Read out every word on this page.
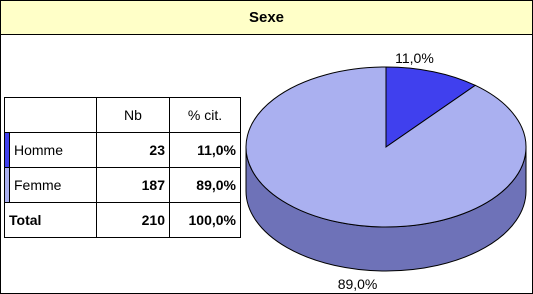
Sexe
		Nb	% cit.
	Homme	23	11,0%
	Femme	187	89,0%
Total		210	100,0%
11,0%
89,0%
